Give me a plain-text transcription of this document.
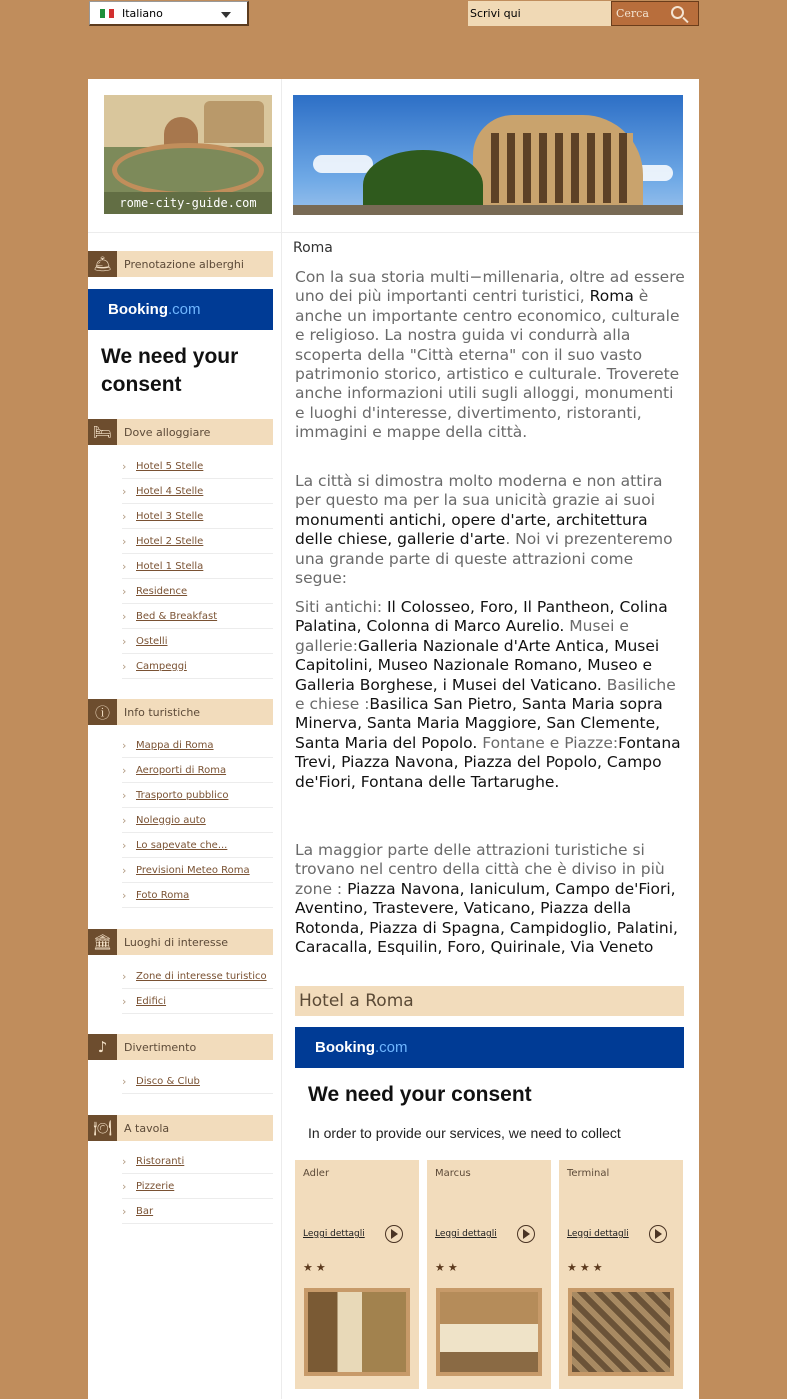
Italiano
Scrivi qui	Cerca
rome-city-guide.com
🛎	Prenotazione alberghi
Booking.com
We need your consent
🛏	Dove alloggiare
› Hotel 5 Stelle
› Hotel 4 Stelle
› Hotel 3 Stelle
› Hotel 2 Stelle
› Hotel 1 Stella
› Residence
› Bed & Breakfast
› Ostelli
› Campeggi
ⓘ	Info turistiche
› Mappa di Roma
› Aeroporti di Roma
› Trasporto pubblico
› Noleggio auto
› Lo sapevate che...
› Previsioni Meteo Roma
› Foto Roma
🏛	Luoghi di interesse
› Zone di interesse turistico
› Edifici
♪	Divertimento
› Disco & Club
🍽	A tavola
› Ristoranti
› Pizzerie
› Bar
Roma

Con la sua storia multi−millenaria, oltre ad essere uno dei più importanti centri turistici, Roma è anche un importante centro economico, culturale e religioso. La nostra guida vi condurrà alla scoperta della "Città eterna" con il suo vasto patrimonio storico, artistico e culturale. Troverete anche informazioni utili sugli alloggi, monumenti e luoghi d'interesse, divertimento, ristoranti, immagini e mappe della città.

La città si dimostra molto moderna e non attira per questo ma per la sua unicità grazie ai suoi monumenti antichi, opere d'arte, architettura delle chiese, gallerie d'arte. Noi vi prezenteremo una grande parte di queste attrazioni come segue:

Siti antichi: Il Colosseo, Foro, Il Pantheon, Colina Palatina, Colonna di Marco Aurelio. Musei e gallerie:Galleria Nazionale d'Arte Antica, Musei Capitolini, Museo Nazionale Romano, Museo e Galleria Borghese, i Musei del Vaticano. Basiliche e chiese :Basilica San Pietro, Santa Maria sopra Minerva, Santa Maria Maggiore, San Clemente, Santa Maria del Popolo. Fontane e Piazze:Fontana Trevi, Piazza Navona, Piazza del Popolo, Campo de'Fiori, Fontana delle Tartarughe.

La maggior parte delle attrazioni turistiche si trovano nel centro della città che è diviso in più zone : Piazza Navona, Ianiculum, Campo de'Fiori, Aventino, Trastevere, Vaticano, Piazza della Rotonda, Piazza di Spagna, Campidoglio, Palatini, Caracalla, Esquilin, Foro, Quirinale, Via Veneto

Hotel a Roma
Booking.com
We need your consent
In order to provide our services, we need to collect
Adler
Leggi dettagli
★★
Marcus
Leggi dettagli
★★
Terminal
Leggi dettagli
★★★
